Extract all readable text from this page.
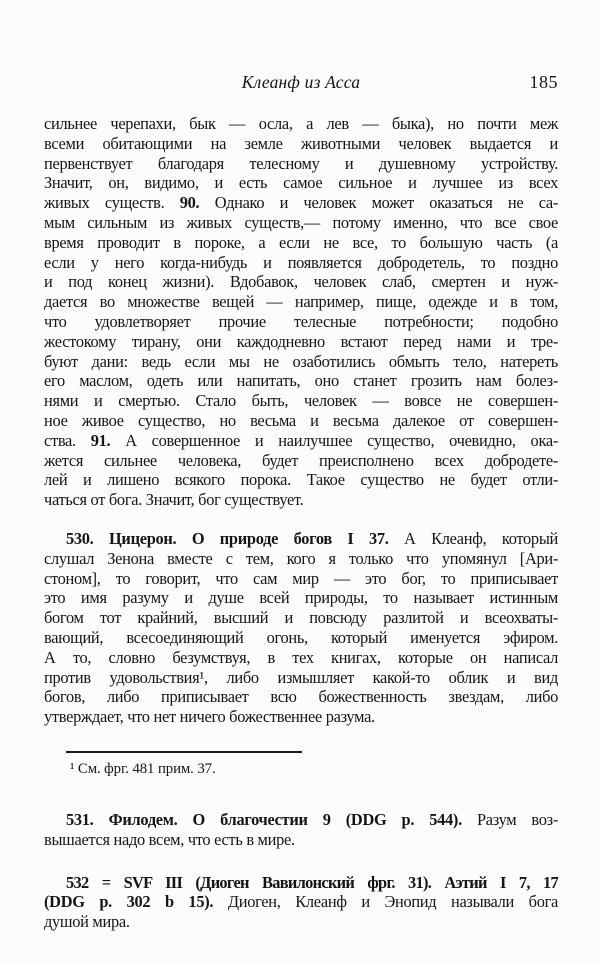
Клеанф из Асса	185
сильнее черепахи, бык — осла, а лев — быка), но почти меж
всеми обитающими на земле животными человек выдается и
первенствует благодаря телесному и душевному устройству.
Значит, он, видимо, и есть самое сильное и лучшее из всех
живых существ. 90. Однако и человек может оказаться не са-
мым сильным из живых существ,— потому именно, что все свое
время проводит в пороке, а если не все, то большую часть (а
если у него когда-нибудь и появляется добродетель, то поздно
и под конец жизни). Вдобавок, человек слаб, смертен и нуж-
дается во множестве вещей — например, пище, одежде и в том,
что удовлетворяет прочие телесные потребности; подобно
жестокому тирану, они каждодневно встают перед нами и тре-
буют дани: ведь если мы не озаботились обмыть тело, натереть
его маслом, одеть или напитать, оно станет грозить нам болез-
нями и смертью. Стало быть, человек — вовсе не совершен-
ное живое существо, но весьма и весьма далекое от совершен-
ства. 91. А совершенное и наилучшее существо, очевидно, ока-
жется сильнее человека, будет преисполнено всех добродете-
лей и лишено всякого порока. Такое существо не будет отли-
чаться от бога. Значит, бог существует.
530. Цицерон. О природе богов I 37. А Клеанф, который
слушал Зенона вместе с тем, кого я только что упомянул [Ари-
стоном], то говорит, что сам мир — это бог, то приписывает
это имя разуму и душе всей природы, то называет истинным
богом тот крайний, высший и повсюду разлитой и всеохваты-
вающий, всесоединяющий огонь, который именуется эфиром.
А то, словно безумствуя, в тех книгах, которые он написал
против удовольствия¹, либо измышляет какой-то облик и вид
богов, либо приписывает всю божественность звездам, либо
утверждает, что нет ничего божественнее разума.
¹ См. фрг. 481 прим. 37.
531. Филодем. О благочестии 9 (DDG p. 544). Разум воз-
вышается надо всем, что есть в мире.
532 = SVF III (Диоген Вавилонский фрг. 31). Аэтий I 7, 17
(DDG p. 302 b 15). Диоген, Клеанф и Энопид называли бога
душой мира.
